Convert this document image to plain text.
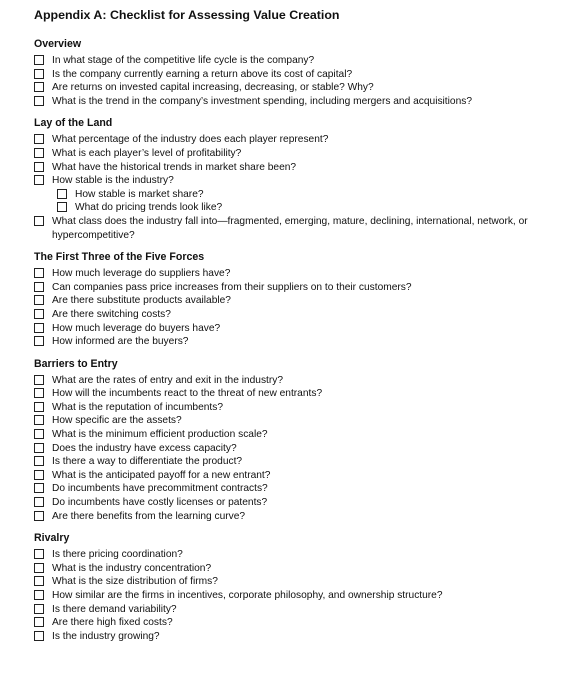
Appendix A: Checklist for Assessing Value Creation
Overview
In what stage of the competitive life cycle is the company?
Is the company currently earning a return above its cost of capital?
Are returns on invested capital increasing, decreasing, or stable? Why?
What is the trend in the company’s investment spending, including mergers and acquisitions?
Lay of the Land
What percentage of the industry does each player represent?
What is each player’s level of profitability?
What have the historical trends in market share been?
How stable is the industry?
How stable is market share?
What do pricing trends look like?
What class does the industry fall into—fragmented, emerging, mature, declining, international, network, or hypercompetitive?
The First Three of the Five Forces
How much leverage do suppliers have?
Can companies pass price increases from their suppliers on to their customers?
Are there substitute products available?
Are there switching costs?
How much leverage do buyers have?
How informed are the buyers?
Barriers to Entry
What are the rates of entry and exit in the industry?
How will the incumbents react to the threat of new entrants?
What is the reputation of incumbents?
How specific are the assets?
What is the minimum efficient production scale?
Does the industry have excess capacity?
Is there a way to differentiate the product?
What is the anticipated payoff for a new entrant?
Do incumbents have precommitment contracts?
Do incumbents have costly licenses or patents?
Are there benefits from the learning curve?
Rivalry
Is there pricing coordination?
What is the industry concentration?
What is the size distribution of firms?
How similar are the firms in incentives, corporate philosophy, and ownership structure?
Is there demand variability?
Are there high fixed costs?
Is the industry growing?
